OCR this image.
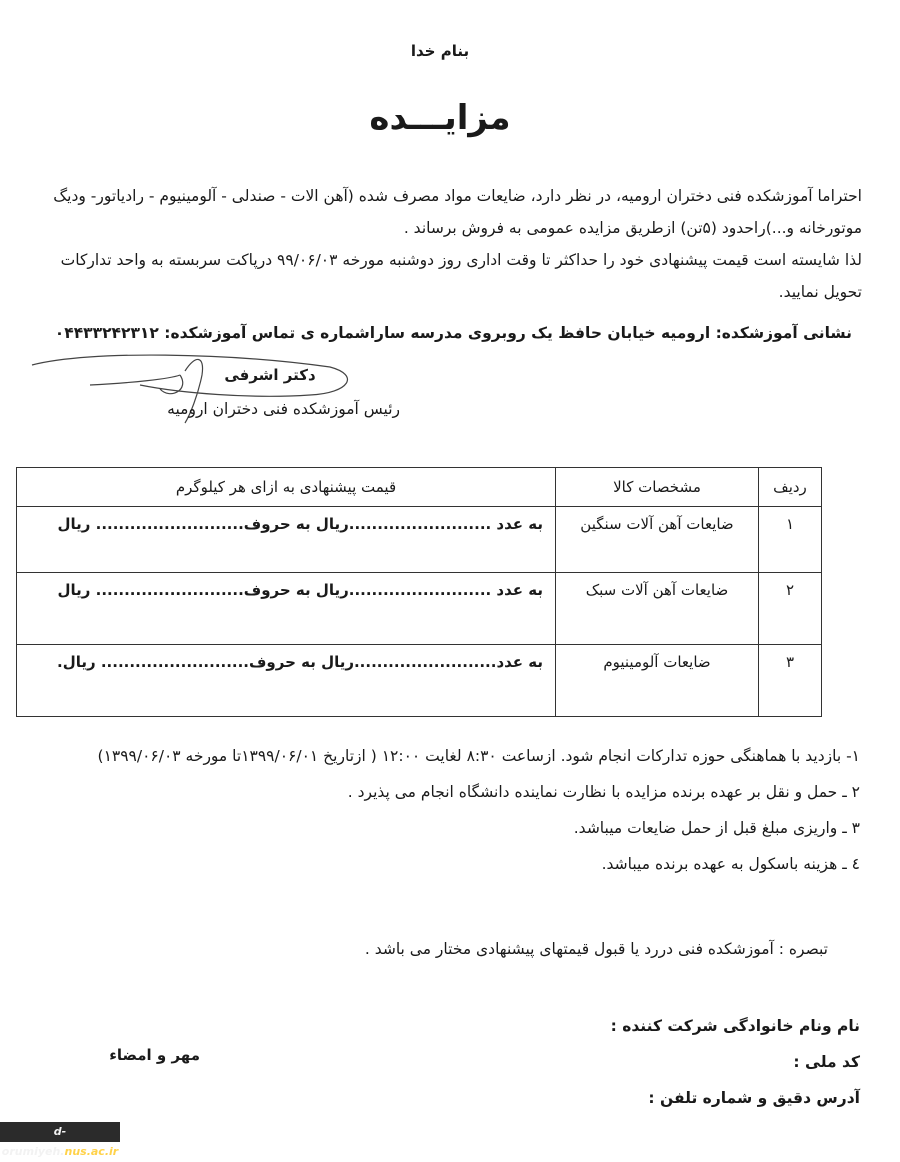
بنام خدا
مزایـــده

احتراما آموزشکده فنی دختران ارومیه، در نظر دارد، ضایعات مواد مصرف شده (آهن الات - صندلی - آلومینیوم - رادیاتور- ودیگ موتورخانه و...)راحدود (۵تن) ازطریق مزایده عمومی به فروش برساند .

لذا شایسته است قیمت پیشنهادی خود را حداکثر تا وقت اداری روز دوشنبه مورخه ۹۹/۰۶/۰۳ درپاکت سربسته به واحد تدارکات تحویل نمایید.

نشانی آموزشکده: ارومیه خیابان حافظ یک روبروی مدرسه ساراشماره ی تماس آموزشکده: ۰۴۴۳۳۲۴۲۳۱۲
دکتر اشرفی
رئیس آموزشکده فنی دختران ارومیه
ردیف	مشخصات کالا	قیمت پیشنهادی به ازای هر کیلوگرم
۱	ضایعات آهن آلات سنگین	به عدد .........................ریال به حروف.......................... ریال
۲	ضایعات آهن آلات سبک	به عدد .........................ریال به حروف.......................... ریال
۳	ضایعات آلومینیوم	به عدد.........................ریال به حروف.......................... ریال.

۱- بازدید با هماهنگی حوزه تدارکات انجام شود. ازساعت ۸:۳۰ لغایت ۱۲:۰۰ ( ازتاریخ ۱۳۹۹/۰۶/۰۱تا مورخه ۱۳۹۹/۰۶/۰۳)

۲ ـ حمل و نقل بر عهده برنده مزایده با نظارت نماینده دانشگاه انجام می پذیرد .

۳ ـ واریزی مبلغ قبل از حمل ضایعات میباشد.

٤ ـ هزینه باسکول به عهده برنده میباشد.

تبصره : آموزشکده فنی دررد یا قبول قیمتهای پیشنهادی مختار می باشد .

نام ونام خانوادگی شرکت کننده :

کد ملی :

آدرس دقیق و شماره تلفن :

مهر و امضاء
d-orumiyeh.nus.ac.ir
